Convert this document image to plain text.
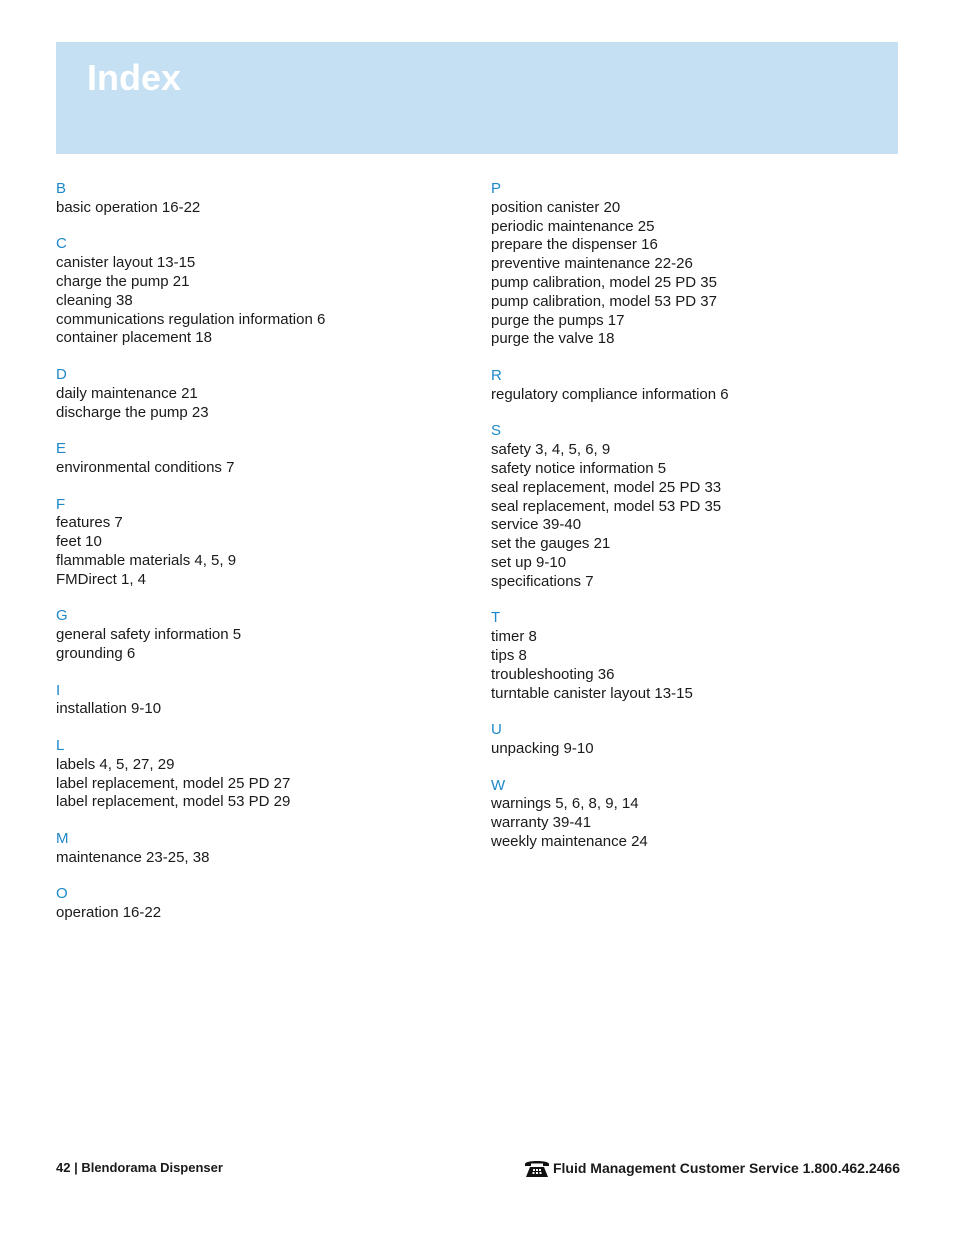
Index
B
basic operation 16-22
C
canister layout 13-15
charge the pump 21
cleaning 38
communications regulation information 6
container placement 18
D
daily maintenance 21
discharge the pump 23
E
environmental conditions 7
F
features 7
feet 10
flammable materials 4, 5, 9
FMDirect 1, 4
G
general safety information 5
grounding 6
I
installation 9-10
L
labels 4, 5, 27, 29
label replacement, model 25 PD 27
label replacement, model 53 PD 29
M
maintenance 23-25, 38
O
operation 16-22
P
position canister 20
periodic maintenance 25
prepare the dispenser 16
preventive maintenance 22-26
pump calibration, model 25 PD 35
pump calibration, model 53 PD 37
purge the pumps 17
purge the valve 18
R
regulatory compliance information 6
S
safety 3, 4, 5, 6, 9
safety notice information 5
seal replacement, model 25 PD 33
seal replacement, model 53 PD 35
service 39-40
set the gauges 21
set up 9-10
specifications 7
T
timer 8
tips 8
troubleshooting 36
turntable canister layout 13-15
U
unpacking 9-10
W
warnings 5, 6, 8, 9, 14
warranty 39-41
weekly maintenance 24
42 | Blendorama Dispenser	Fluid Management Customer Service 1.800.462.2466
